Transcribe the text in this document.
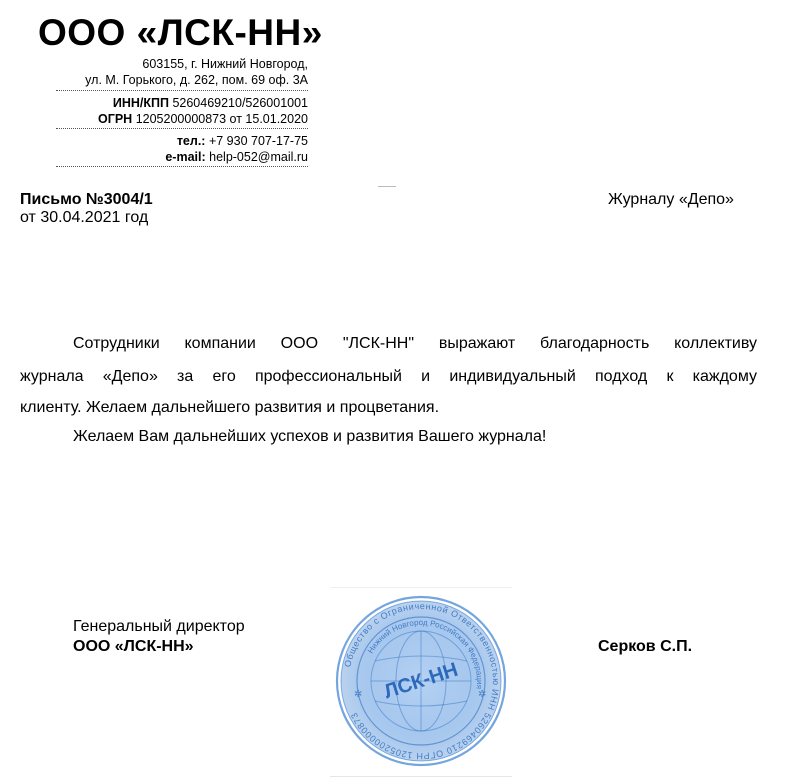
ООО «ЛСК-НН»
603155, г. Нижний Новгород,
ул. М. Горького, д. 262, пом. 69 оф. 3А
ИНН/КПП 5260469210/526001001
ОГРН 1205200000873 от 15.01.2020
тел.: +7 930 707-17-75
e-mail: help-052@mail.ru
Письмо №3004/1
от 30.04.2021 год
Журналу «Депо»
Сотрудники компании ООО "ЛСК-НН" выражают благодарность коллективу
журнала «Депо» за его профессиональный и индивидуальный подход к каждому
клиенту. Желаем дальнейшего развития и процветания.
Желаем Вам дальнейших успехов и развития Вашего журнала!
Генеральный директор
ООО «ЛСК-НН»	Серков С.П.
Общество с Ограниченной Ответственностью ИНН 5260469210 ОГРН 1205200000873
Нижний Новгород Российская Федерация
ЛСК-НН
✲	✲
